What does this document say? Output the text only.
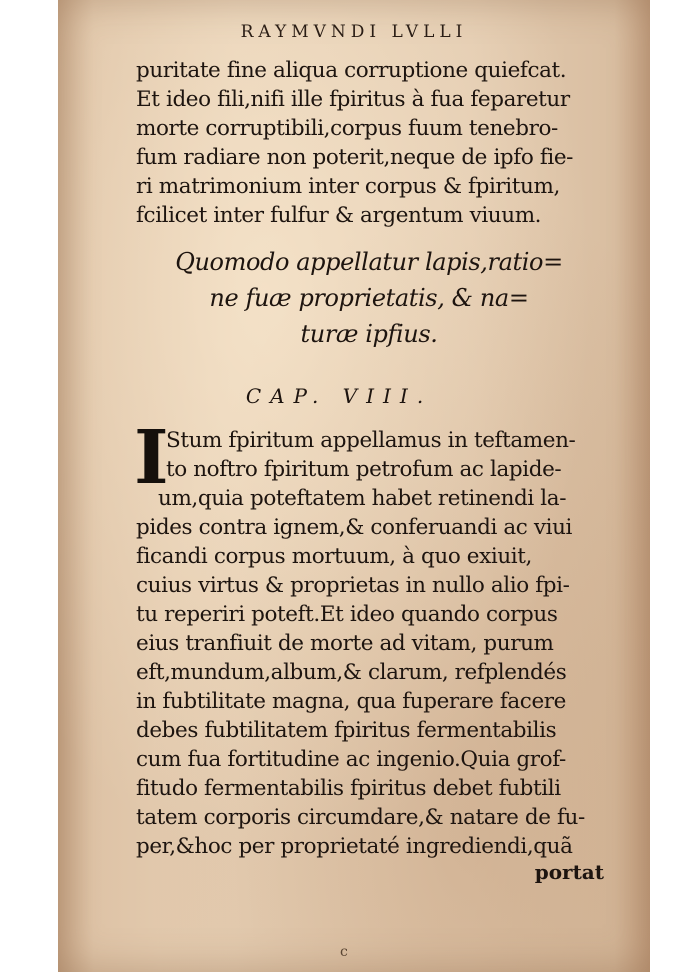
RAYMVNDI LVLLI
puritate fine aliqua corruptione quiefcat.
Et ideo fili,nifi ille fpiritus à fua feparetur
morte corruptibili,corpus fuum tenebro-
fum radiare non poterit,neque de ipfo fie-
ri matrimonium inter corpus & fpiritum,
fcilicet inter fulfur & argentum viuum.
Quomodo appellatur lapis,ratio=
ne fuæ proprietatis, & na=
turæ ipfius.
CAP. VIII.
I
Stum fpiritum appellamus in teftamen-
to noftro fpiritum petrofum ac lapide-
um,quia poteftatem habet retinendi la-
pides contra ignem,& conferuandi ac viui
ficandi corpus mortuum, à quo exiuit,
cuius virtus & proprietas in nullo alio fpi-
tu reperiri poteft.Et ideo quando corpus
eius tranfiuit de morte ad vitam, purum
eft,mundum,album,& clarum, refplendés
in fubtilitate magna, qua fuperare facere
debes fubtilitatem fpiritus fermentabilis
cum fua fortitudine ac ingenio.Quia grof-
fitudo fermentabilis fpiritus debet fubtili
tatem corporis circumdare,& natare de fu-
per,&hoc per proprietaté ingrediendi,quã
portat
c
